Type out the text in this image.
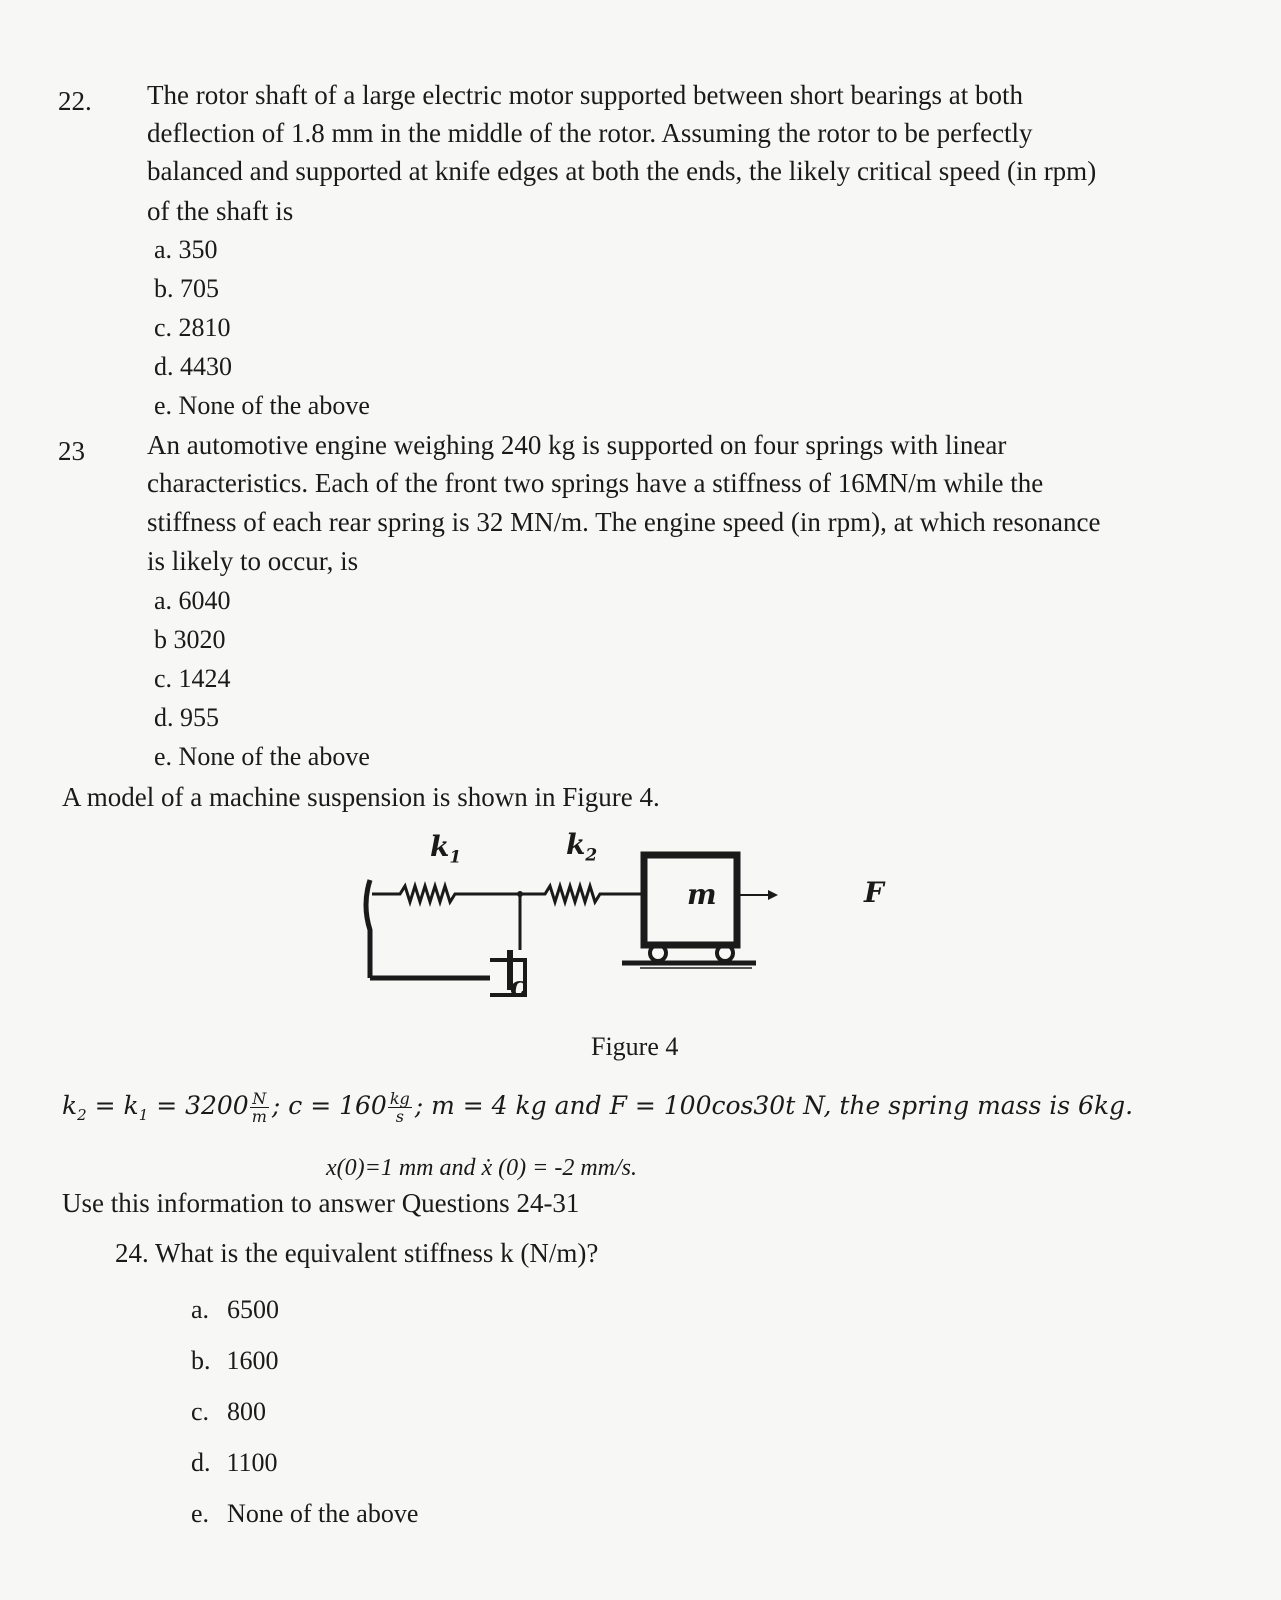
22. The rotor shaft of a large electric motor supported between short bearings at both
deflection of 1.8 mm in the middle of the rotor. Assuming the rotor to be perfectly
balanced and supported at knife edges at both the ends, the likely critical speed (in rpm)
of the shaft is
a. 350
b. 705
c. 2810
d. 4430
e. None of the above
23 An automotive engine weighing 240 kg is supported on four springs with linear
characteristics. Each of the front two springs have a stiffness of 16MN/m while the
stiffness of each rear spring is 32 MN/m. The engine speed (in rpm), at which resonance
is likely to occur, is
a. 6040
b 3020
c. 1424
d. 955
e. None of the above
A model of a machine suspension is shown in Figure 4.
$k_1$	$k_2$
m	F
c
Figure 4
$k_2 = k_1 = 3200 \frac{N}{m}$ ; $c = 160 \frac{kg}{s}$ ; m = 4 kg and F = 100cos30t N, the spring mass is 6kg.
x(0)=1 mm and ẋ (0) = -2 mm/s.
Use this information to answer Questions 24-31
24. What is the equivalent stiffness k (N/m)?
a. 6500
b. 1600
c. 800
d. 1100
e. None of the above
